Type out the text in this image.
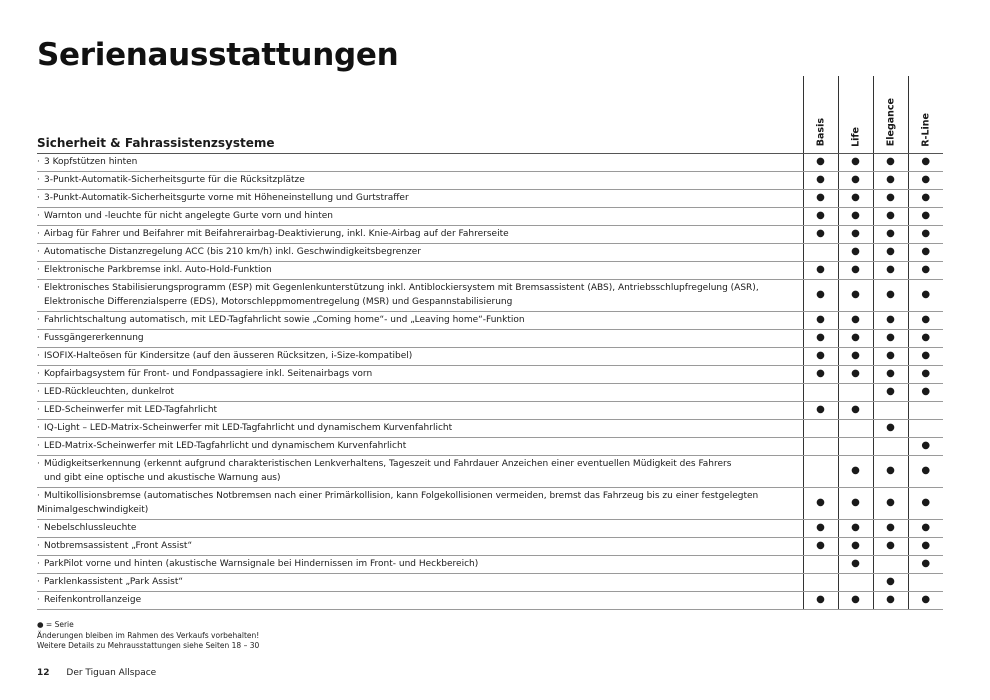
Serienausstattungen
Sicherheit & Fahrassistenzsysteme	Basis	Life	Elegance	R-Line

· 3 Kopfstützen hinten	●	●	●	●
· 3-Punkt-Automatik-Sicherheitsgurte für die Rücksitzplätze	●	●	●	●
· 3-Punkt-Automatik-Sicherheitsgurte vorne mit Höheneinstellung und Gurtstraffer	●	●	●	●
· Warnton und -leuchte für nicht angelegte Gurte vorn und hinten	●	●	●	●
· Airbag für Fahrer und Beifahrer mit Beifahrerairbag-Deaktivierung, inkl. Knie-Airbag auf der Fahrerseite	●	●	●	●
· Automatische Distanzregelung ACC (bis 210 km/h) inkl. Geschwindigkeitsbegrenzer		●	●	●
· Elektronische Parkbremse inkl. Auto-Hold-Funktion	●	●	●	●
· Elektronisches Stabilisierungsprogramm (ESP) mit Gegenlenkunterstützung inkl. Antiblockiersystem mit Bremsassistent (ABS), Antriebsschlupfregelung (ASR),
Elektronische Differenzialsperre (EDS), Motorschleppmomentregelung (MSR) und Gespannstabilisierung	●	●	●	●
· Fahrlichtschaltung automatisch, mit LED-Tagfahrlicht sowie „Coming home“- und „Leaving home“-Funktion	●	●	●	●
· Fussgängererkennung	●	●	●	●
· ISOFIX-Halteösen für Kindersitze (auf den äusseren Rücksitzen, i-Size-kompatibel)	●	●	●	●
· Kopfairbagsystem für Front- und Fondpassagiere inkl. Seitenairbags vorn	●	●	●	●
· LED-Rückleuchten, dunkelrot			●	●
· LED-Scheinwerfer mit LED-Tagfahrlicht	●	●		
· IQ-Light – LED-Matrix-Scheinwerfer mit LED-Tagfahrlicht und dynamischem Kurvenfahrlicht			●	
· LED-Matrix-Scheinwerfer mit LED-Tagfahrlicht und dynamischem Kurvenfahrlicht				●
· Müdigkeitserkennung (erkennt aufgrund charakteristischen Lenkverhaltens, Tageszeit und Fahrdauer Anzeichen einer eventuellen Müdigkeit des Fahrers
und gibt eine optische und akustische Warnung aus)		●	●	●
· Multikollisionsbremse (automatisches Notbremsen nach einer Primärkollision, kann Folgekollisionen vermeiden, bremst das Fahrzeug bis zu einer festgelegten Minimalgeschwindigkeit)	●	●	●	●
· Nebelschlussleuchte	●	●	●	●
· Notbremsassistent „Front Assist“	●	●	●	●
· ParkPilot vorne und hinten (akustische Warnsignale bei Hindernissen im Front- und Heckbereich)		●		●
· Parklenkassistent „Park Assist“			●	
· Reifenkontrollanzeige	●	●	●	●
● = Serie
Änderungen bleiben im Rahmen des Verkaufs vorbehalten!
Weitere Details zu Mehrausstattungen siehe Seiten 18 – 30
12 Der Tiguan Allspace
